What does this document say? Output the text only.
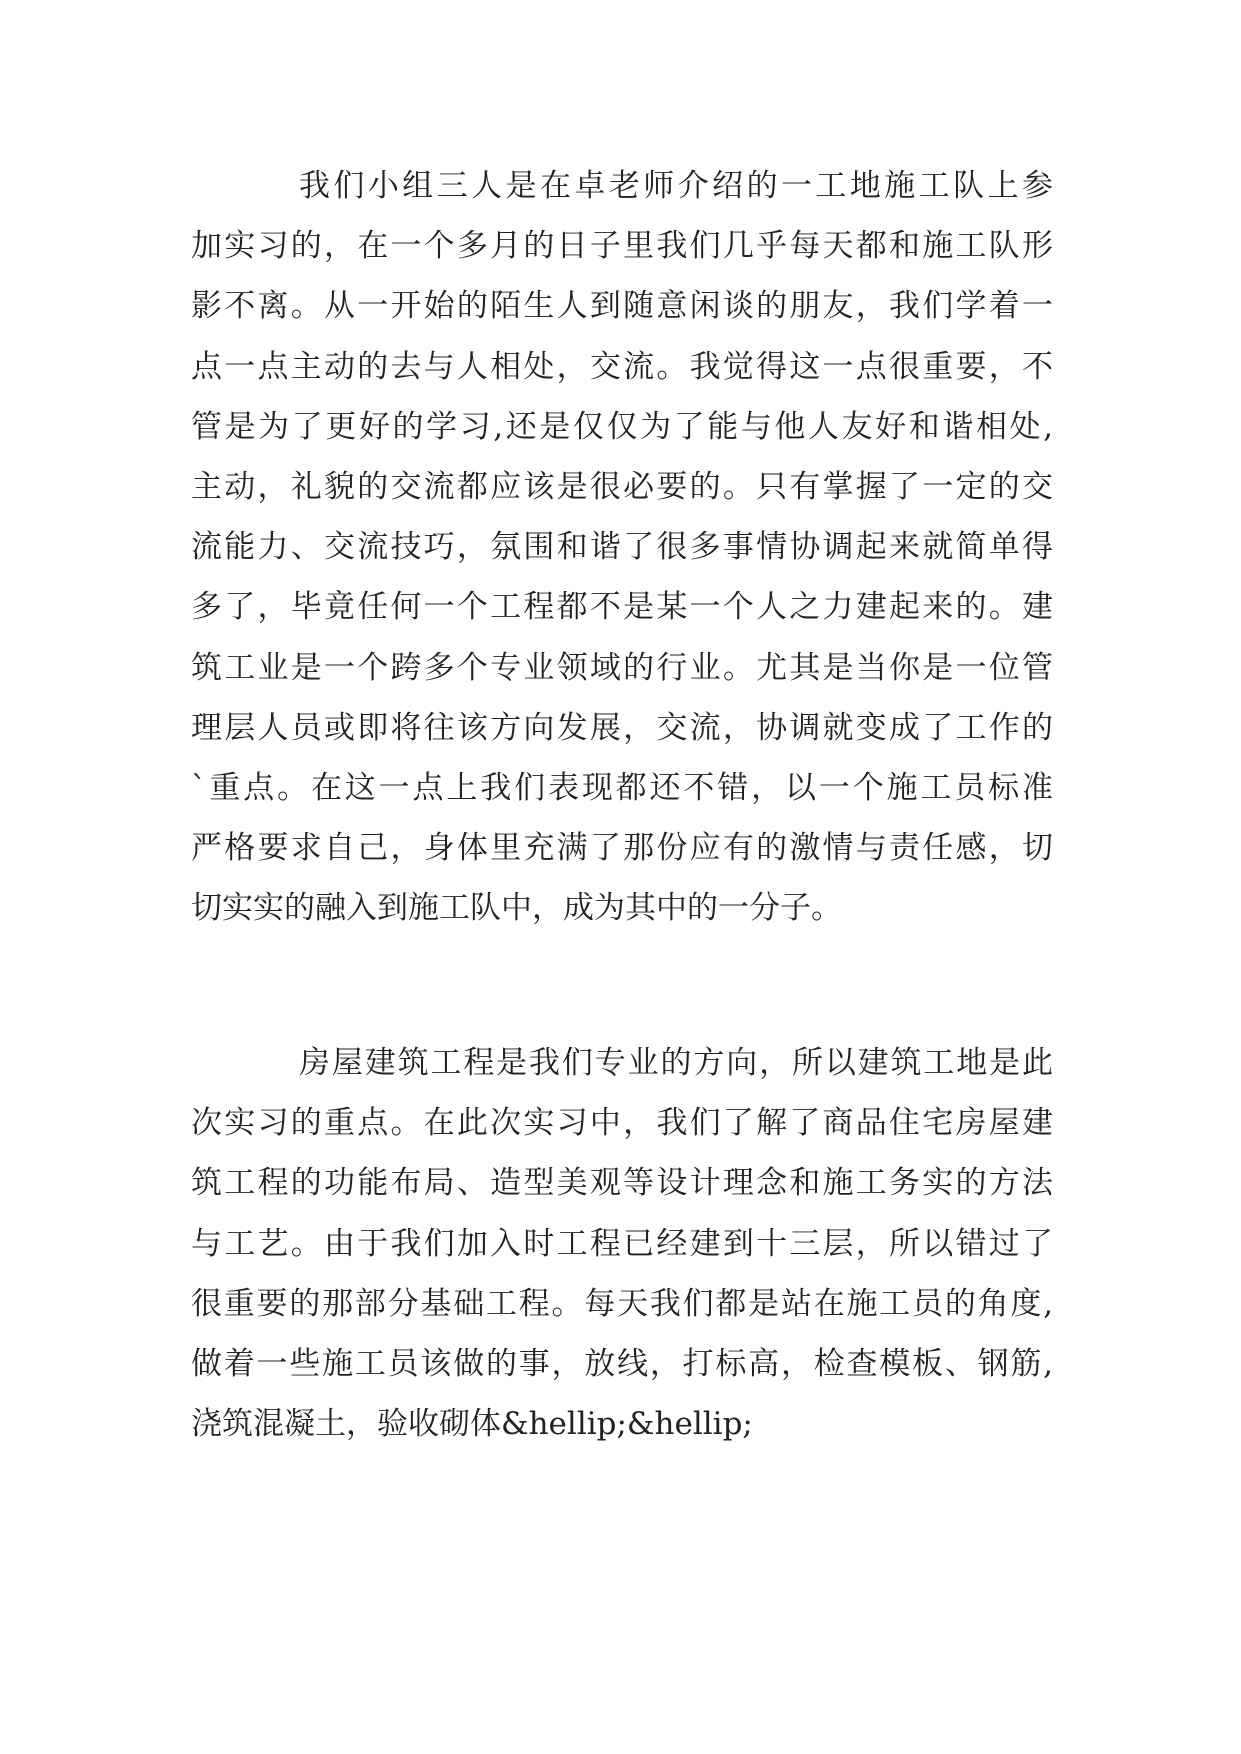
我们小组三人是在卓老师介绍的一工地施工队上参
加实习的，在一个多月的日子里我们几乎每天都和施工队形
影不离。从一开始的陌生人到随意闲谈的朋友，我们学着一
点一点主动的去与人相处，交流。我觉得这一点很重要，不
管是为了更好的学习,还是仅仅为了能与他人友好和谐相处,
主动，礼貌的交流都应该是很必要的。只有掌握了一定的交
流能力、交流技巧，氛围和谐了很多事情协调起来就简单得
多了，毕竟任何一个工程都不是某一个人之力建起来的。建
筑工业是一个跨多个专业领域的行业。尤其是当你是一位管
理层人员或即将往该方向发展，交流，协调就变成了工作的
`重点。在这一点上我们表现都还不错，以一个施工员标准
严格要求自己，身体里充满了那份应有的激情与责任感，切
切实实的融入到施工队中，成为其中的一分子。
房屋建筑工程是我们专业的方向，所以建筑工地是此
次实习的重点。在此次实习中，我们了解了商品住宅房屋建
筑工程的功能布局、造型美观等设计理念和施工务实的方法
与工艺。由于我们加入时工程已经建到十三层，所以错过了
很重要的那部分基础工程。每天我们都是站在施工员的角度,
做着一些施工员该做的事，放线，打标高，检查模板、钢筋,
浇筑混凝土，验收砌体&hellip;&hellip;
